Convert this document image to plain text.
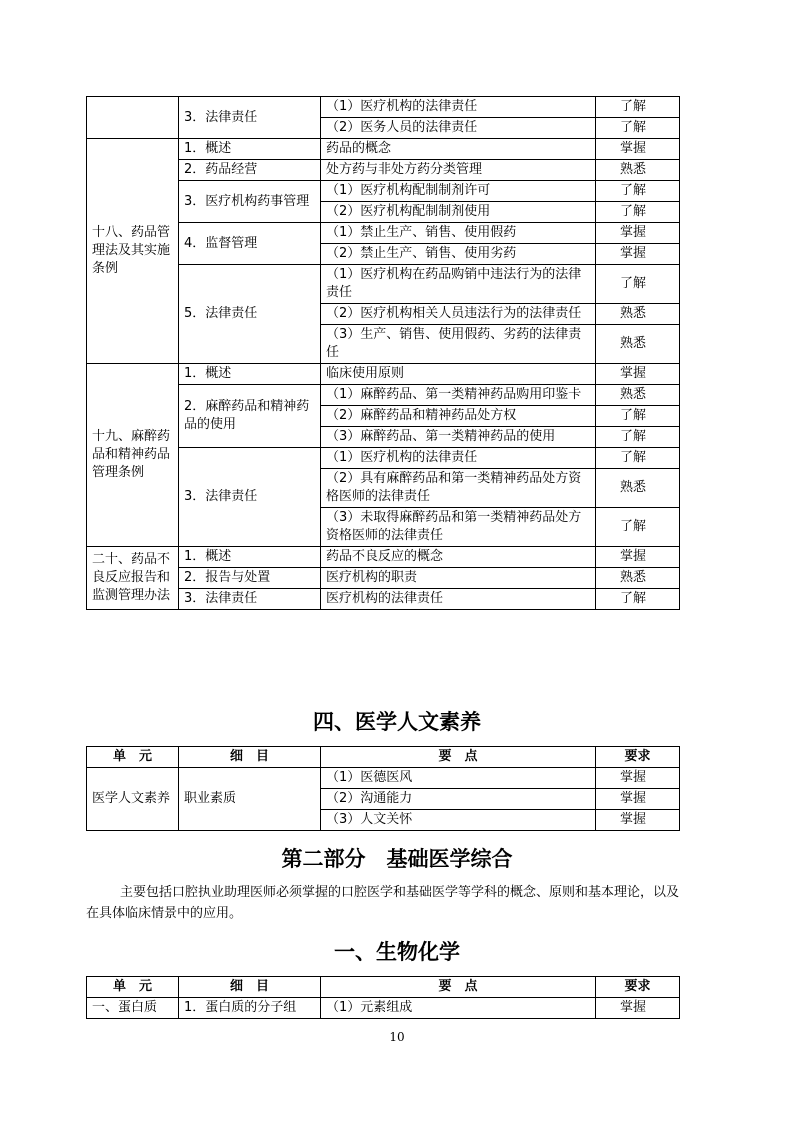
	3．法律责任	（1）医疗机构的法律责任	了解
		（2）医务人员的法律责任	了解
十八、药品管理法及其实施条例	1．概述	药品的概念	掌握
	2．药品经营	处方药与非处方药分类管理	熟悉
	3．医疗机构药事管理	（1）医疗机构配制制剂许可	了解
		（2）医疗机构配制制剂使用	了解
	4．监督管理	（1）禁止生产、销售、使用假药	掌握
		（2）禁止生产、销售、使用劣药	掌握
	5．法律责任	（1）医疗机构在药品购销中违法行为的法律责任	了解
		（2）医疗机构相关人员违法行为的法律责任	熟悉
		（3）生产、销售、使用假药、劣药的法律责任	熟悉
十九、麻醉药品和精神药品管理条例	1．概述	临床使用原则	掌握
	2．麻醉药品和精神药品的使用	（1）麻醉药品、第一类精神药品购用印鉴卡	熟悉
		（2）麻醉药品和精神药品处方权	了解
		（3）麻醉药品、第一类精神药品的使用	了解
	3．法律责任	（1）医疗机构的法律责任	了解
		（2）具有麻醉药品和第一类精神药品处方资格医师的法律责任	熟悉
		（3）未取得麻醉药品和第一类精神药品处方资格医师的法律责任	了解
二十、药品不良反应报告和监测管理办法	1．概述	药品不良反应的概念	掌握
	2．报告与处置	医疗机构的职责	熟悉
	3．法律责任	医疗机构的法律责任	了解
四、医学人文素养
单　元	细　目	要　点	要求
医学人文素养	职业素质	（1）医德医风	掌握
		（2）沟通能力	掌握
		（3）人文关怀	掌握
第二部分　基础医学综合

主要包括口腔执业助理医师必须掌握的口腔医学和基础医学等学科的概念、原则和基本理论，以及在具体临床情景中的应用。

一、生物化学
单　元	细　目	要　点	要求
一、蛋白质	1．蛋白质的分子组	（1）元素组成	掌握
10
